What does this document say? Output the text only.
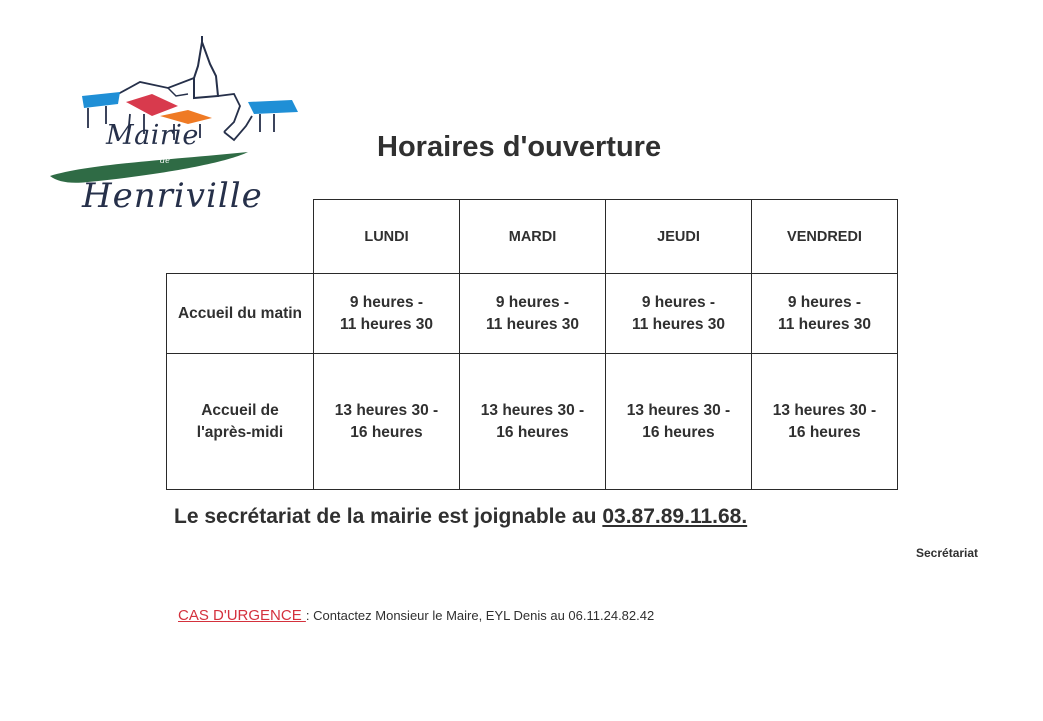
Mairie
de
Henriville
Horaires d'ouverture
	LUNDI	MARDI	JEUDI	VENDREDI
Accueil du matin	9 heures -
11 heures 30	9 heures -
11 heures 30	9 heures -
11 heures 30	9 heures -
11 heures 30
Accueil de
l'après-midi	13 heures 30 -
16 heures	13 heures 30 -
16 heures	13 heures 30 -
16 heures	13 heures 30 -
16 heures
Le secrétariat de la mairie est joignable au 03.87.89.11.68.
Secrétariat
CAS D'URGENCE : Contactez Monsieur le Maire, EYL Denis au 06.11.24.82.42
